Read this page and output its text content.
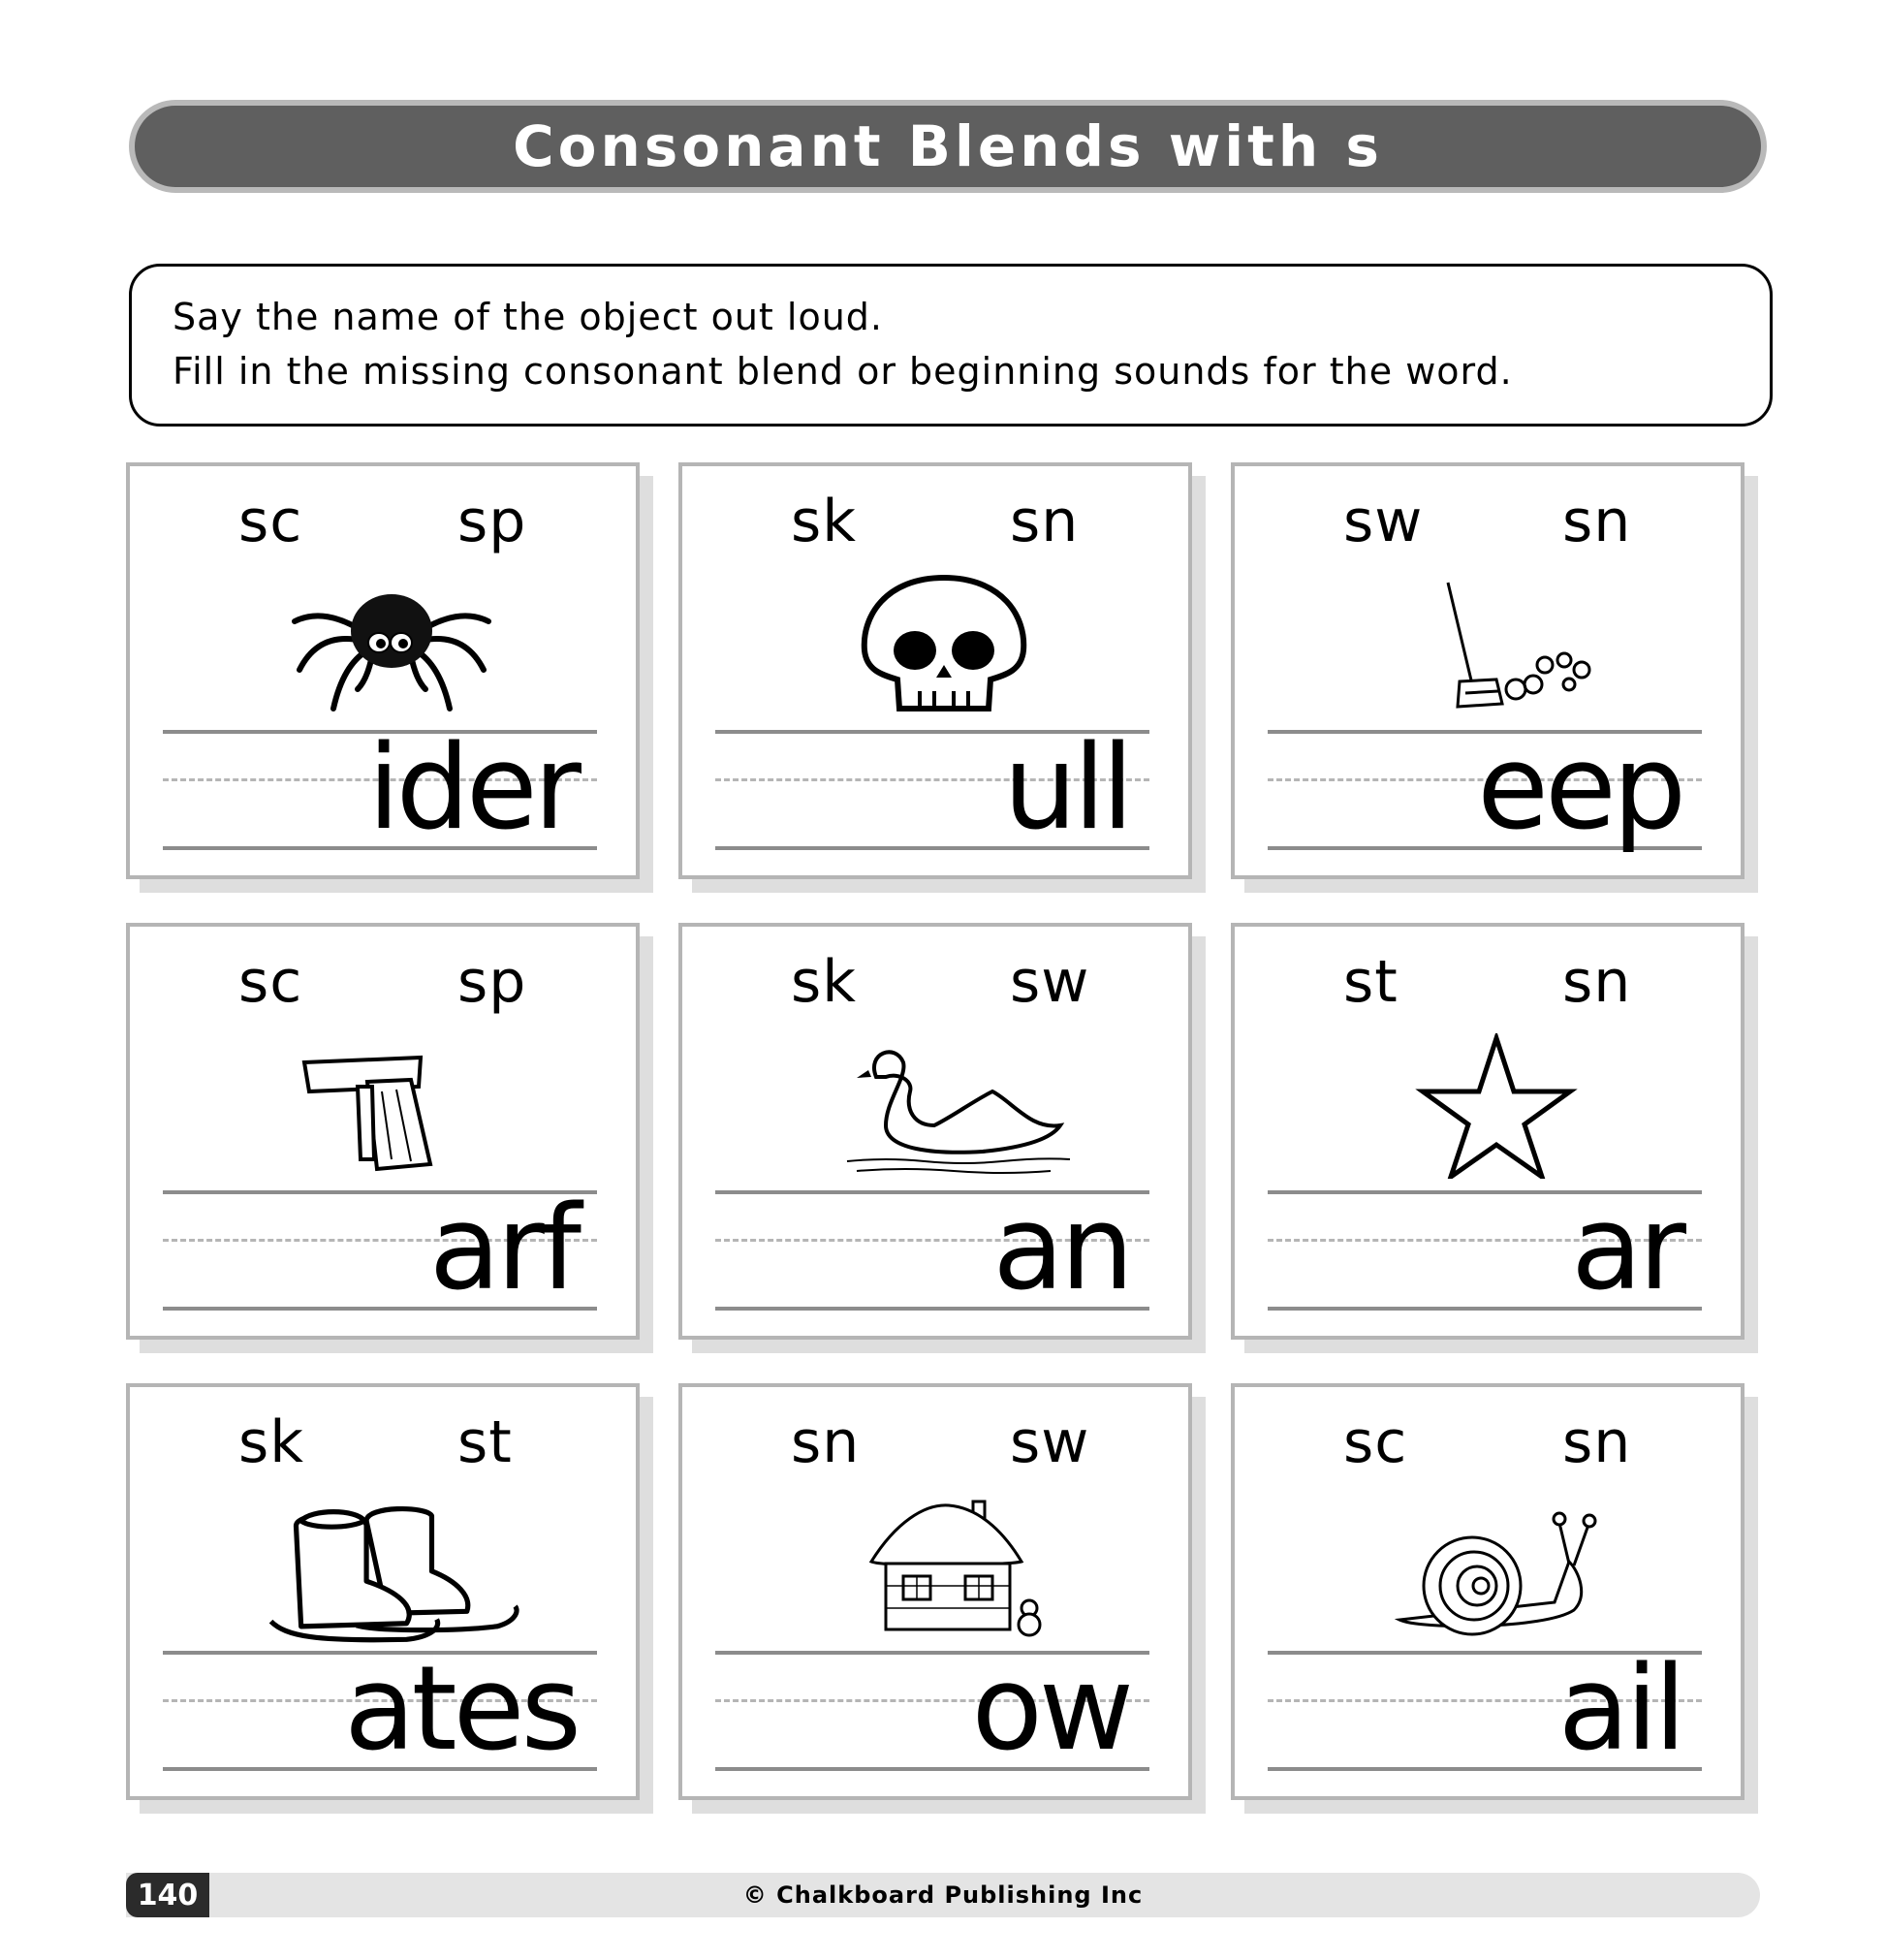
Consonant Blends with s
Say the name of the object out loud.
Fill in the missing consonant blend or beginning sounds for the word.
sc	sp
ider
sk	sn
ull
sw sn
eep
sc	sp
arf
sk	sw
an
st	sn
ar
sk	st
ates
sn	sw
ow
sc	sn
ail
© Chalkboard Publishing Inc
140
